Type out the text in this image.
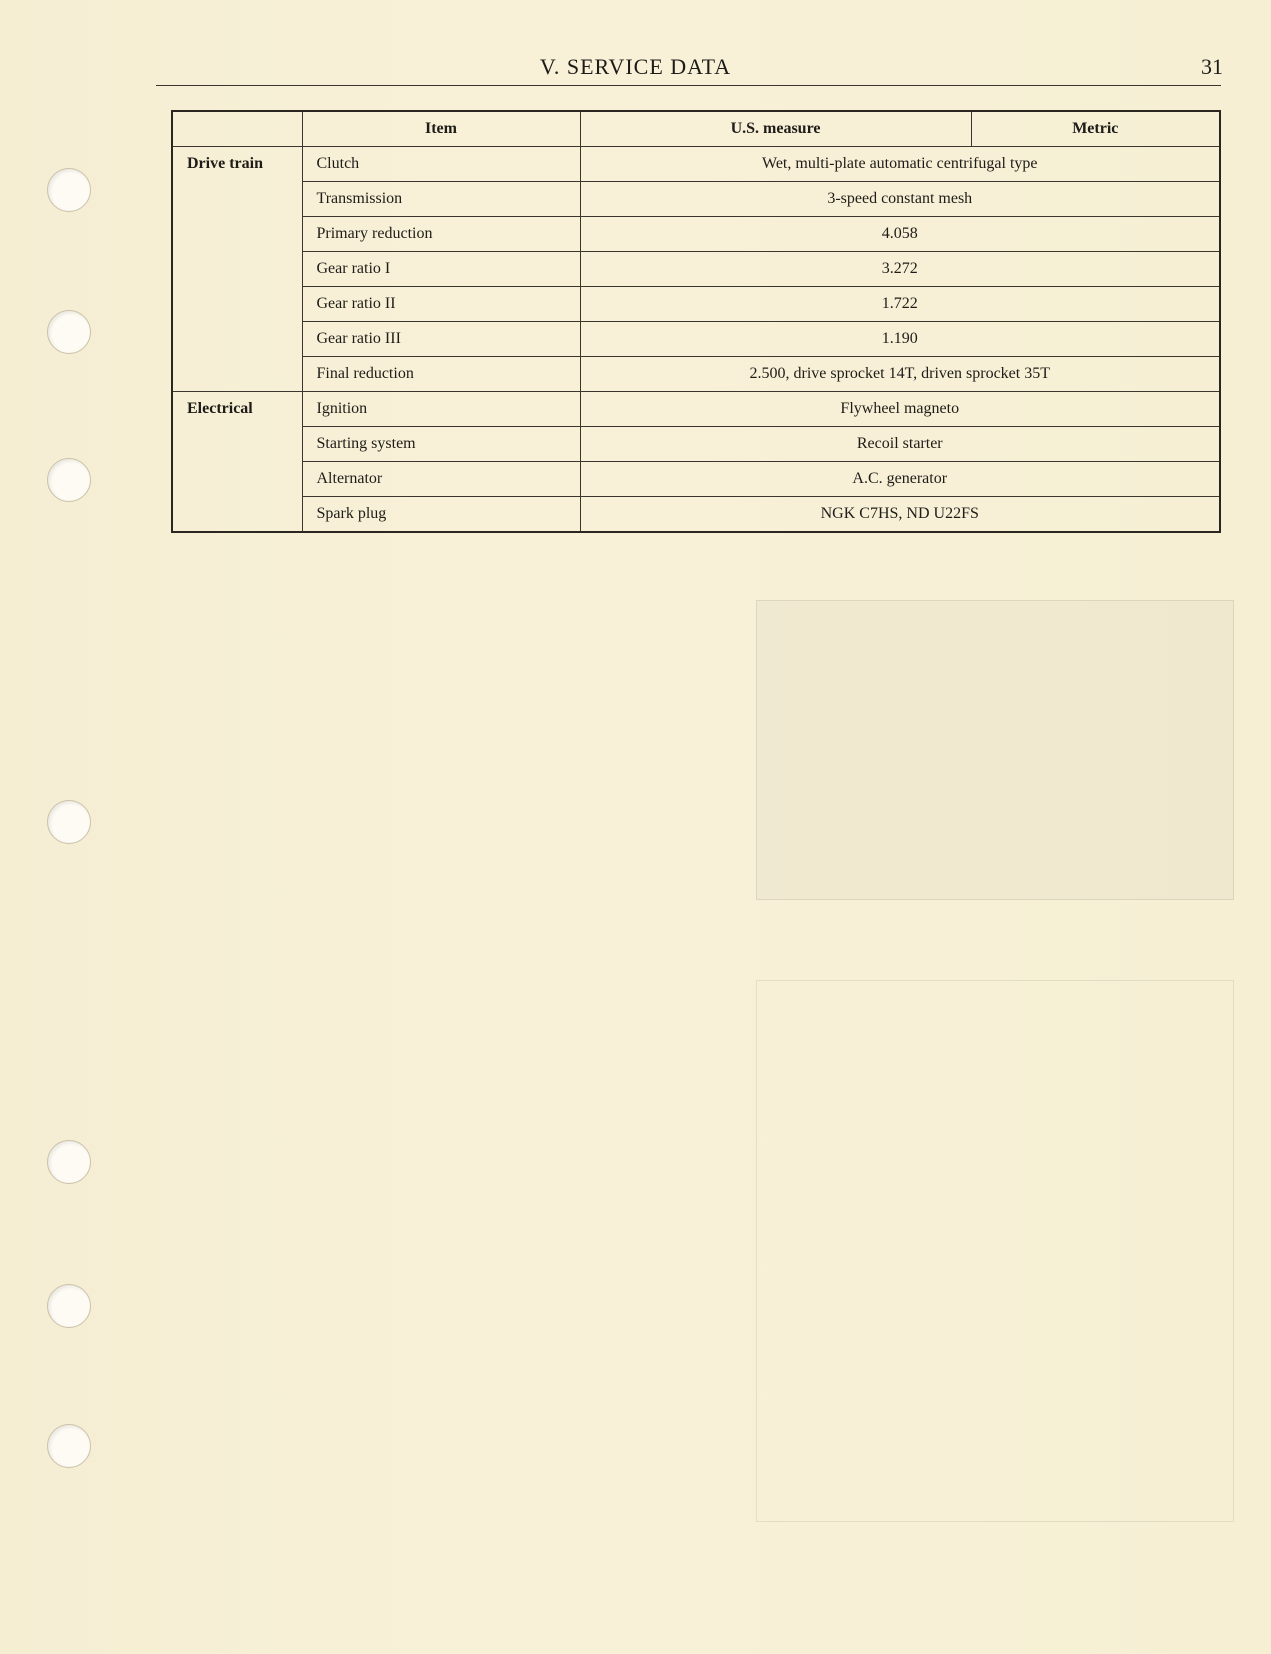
V. SERVICE DATA	31
	Item	U.S. measure	Metric
Drive train	Clutch	Wet, multi-plate automatic centrifugal type	
	Transmission	3-speed constant mesh	
	Primary reduction	4.058	
	Gear ratio I	3.272	
	Gear ratio II	1.722	
	Gear ratio III	1.190	
	Final reduction	2.500, drive sprocket 14T, driven sprocket 35T	
Electrical	Ignition	Flywheel magneto	
	Starting system	Recoil starter	
	Alternator	A.C. generator	
	Spark plug	NGK C7HS, ND U22FS	
